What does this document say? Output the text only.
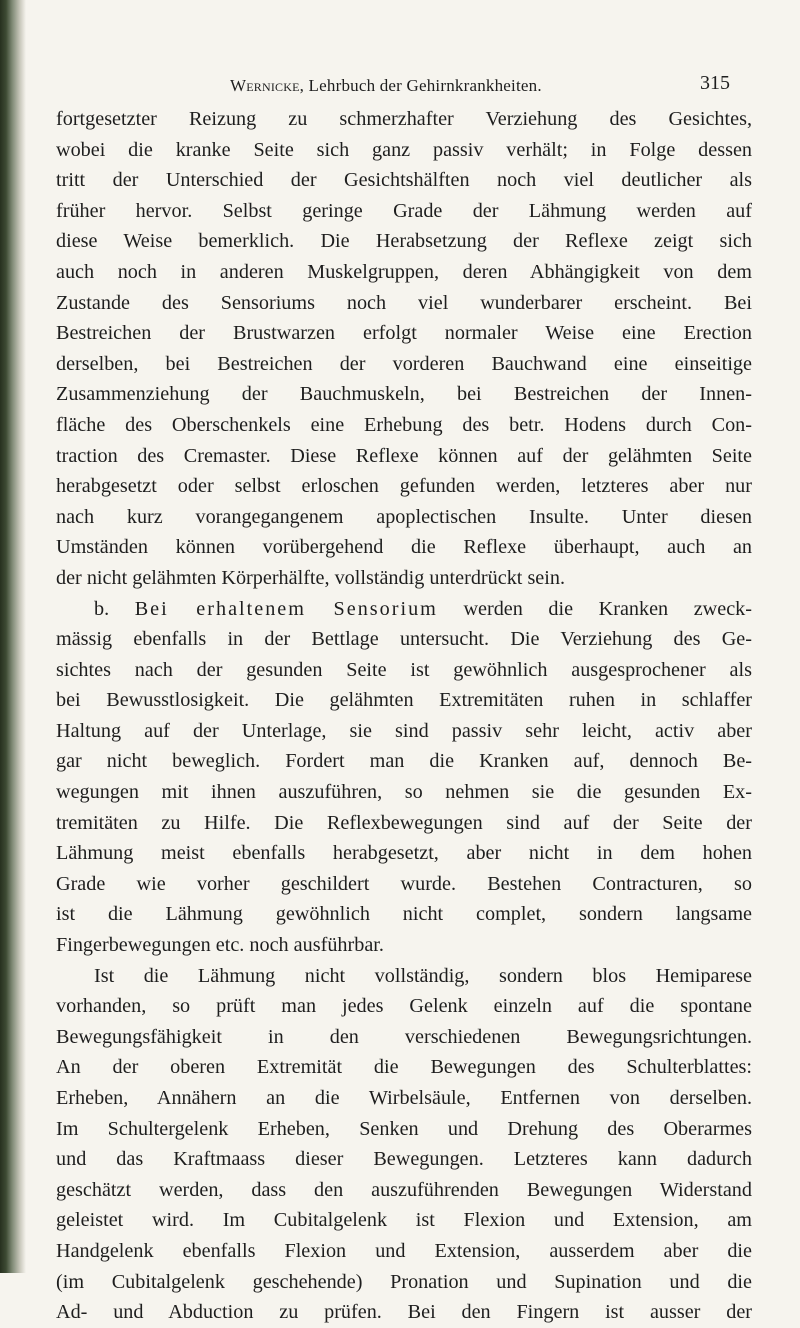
Wernicke, Lehrbuch der Gehirnkrankheiten.	315
fortgesetzter Reizung zu schmerzhafter Verziehung des Gesichtes,
wobei die kranke Seite sich ganz passiv verhält; in Folge dessen
tritt der Unterschied der Gesichtshälften noch viel deutlicher als
früher hervor. Selbst geringe Grade der Lähmung werden auf
diese Weise bemerklich. Die Herabsetzung der Reflexe zeigt sich
auch noch in anderen Muskelgruppen, deren Abhängigkeit von dem
Zustande des Sensoriums noch viel wunderbarer erscheint. Bei
Bestreichen der Brustwarzen erfolgt normaler Weise eine Erection
derselben, bei Bestreichen der vorderen Bauchwand eine einseitige
Zusammenziehung der Bauchmuskeln, bei Bestreichen der Innen-
fläche des Oberschenkels eine Erhebung des betr. Hodens durch Con-
traction des Cremaster. Diese Reflexe können auf der gelähmten Seite
herabgesetzt oder selbst erloschen gefunden werden, letzteres aber nur
nach kurz vorangegangenem apoplectischen Insulte. Unter diesen
Umständen können vorübergehend die Reflexe überhaupt, auch an
der nicht gelähmten Körperhälfte, vollständig unterdrückt sein.
b. Bei erhaltenem Sensorium werden die Kranken zweck-
mässig ebenfalls in der Bettlage untersucht. Die Verziehung des Ge-
sichtes nach der gesunden Seite ist gewöhnlich ausgesprochener als
bei Bewusstlosigkeit. Die gelähmten Extremitäten ruhen in schlaffer
Haltung auf der Unterlage, sie sind passiv sehr leicht, activ aber
gar nicht beweglich. Fordert man die Kranken auf, dennoch Be-
wegungen mit ihnen auszuführen, so nehmen sie die gesunden Ex-
tremitäten zu Hilfe. Die Reflexbewegungen sind auf der Seite der
Lähmung meist ebenfalls herabgesetzt, aber nicht in dem hohen
Grade wie vorher geschildert wurde. Bestehen Contracturen, so
ist die Lähmung gewöhnlich nicht complet, sondern langsame
Fingerbewegungen etc. noch ausführbar.
Ist die Lähmung nicht vollständig, sondern blos Hemiparese
vorhanden, so prüft man jedes Gelenk einzeln auf die spontane
Bewegungsfähigkeit in den verschiedenen Bewegungsrichtungen.
An der oberen Extremität die Bewegungen des Schulterblattes:
Erheben, Annähern an die Wirbelsäule, Entfernen von derselben.
Im Schultergelenk Erheben, Senken und Drehung des Oberarmes
und das Kraftmaass dieser Bewegungen. Letzteres kann dadurch
geschätzt werden, dass den auszuführenden Bewegungen Widerstand
geleistet wird. Im Cubitalgelenk ist Flexion und Extension, am
Handgelenk ebenfalls Flexion und Extension, ausserdem aber die
(im Cubitalgelenk geschehende) Pronation und Supination und die
Ad- und Abduction zu prüfen. Bei den Fingern ist ausser der
